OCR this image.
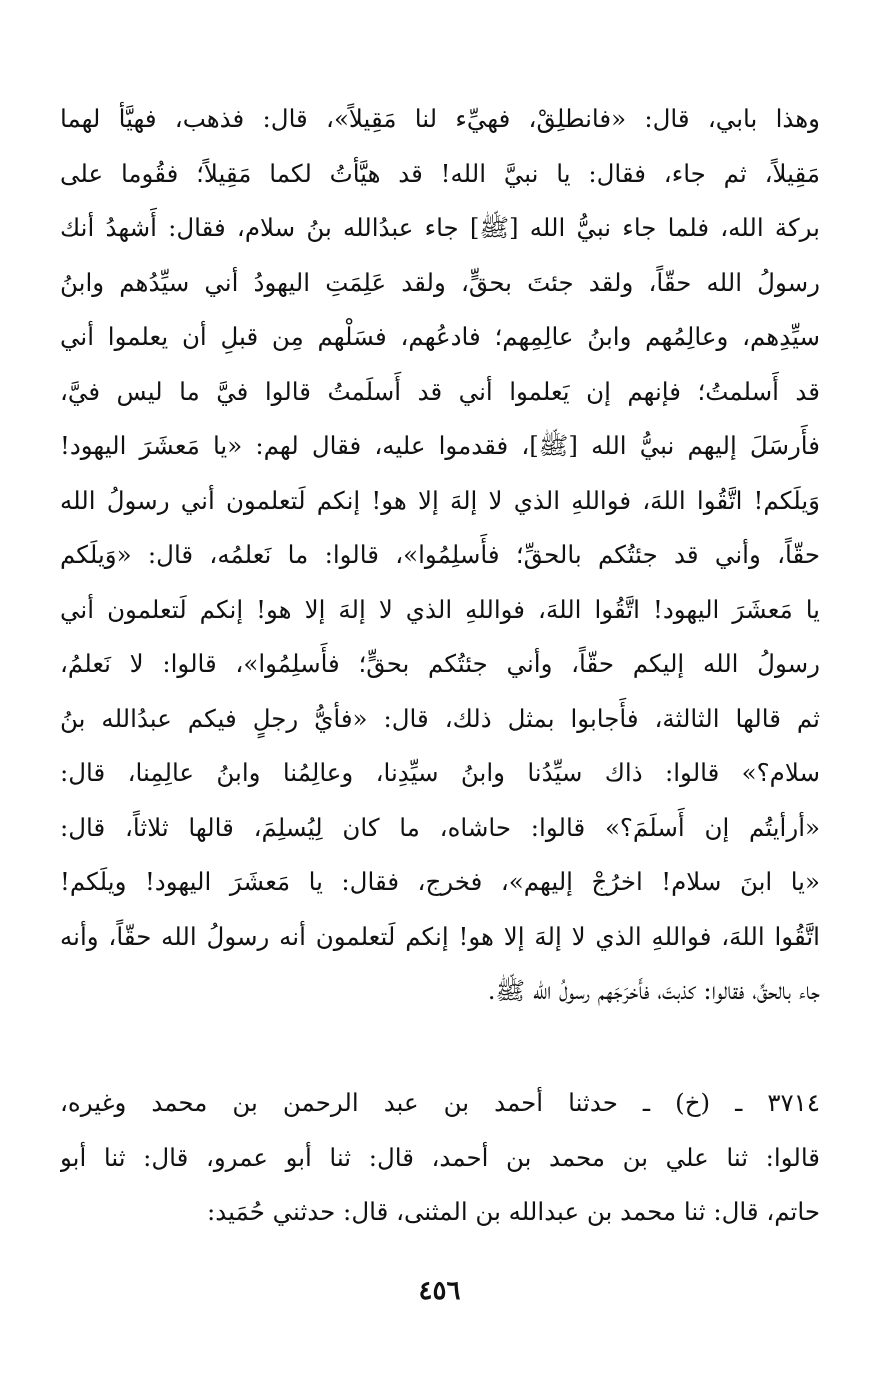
وهذا بابي، قال: «فانطلِقْ، فهيِّء لنا مَقِيلاً»، قال: فذهب، فهيَّأ لهما
مَقِيلاً، ثم جاء، فقال: يا نبيَّ الله! قد هيَّأتُ لكما مَقِيلاً؛ فقُوما على
بركة الله، فلما جاء نبيُّ الله [ﷺ] جاء عبدُالله بنُ سلام، فقال: أَشهدُ أنك
رسولُ الله حقّاً، ولقد جئتَ بحقٍّ، ولقد عَلِمَتِ اليهودُ أني سيِّدُهم وابنُ
سيِّدِهم، وعالِمُهم وابنُ عالِمِهم؛ فادعُهم، فسَلْهم مِن قبلِ أن يعلموا أني
قد أَسلمتُ؛ فإنهم إن يَعلموا أني قد أَسلَمتُ قالوا فيَّ ما ليس فيَّ،
فأَرسَلَ إليهم نبيُّ الله [ﷺ]، فقدموا عليه، فقال لهم: «يا مَعشَرَ اليهود!
وَيلَكم! اتَّقُوا اللهَ، فواللهِ الذي لا إلهَ إلا هو! إنكم لَتعلمون أني رسولُ الله
حقّاً، وأني قد جئتُكم بالحقِّ؛ فأَسلِمُوا»، قالوا: ما نَعلمُه، قال: «وَيلَكم
يا مَعشَرَ اليهود! اتَّقُوا اللهَ، فواللهِ الذي لا إلهَ إلا هو! إنكم لَتعلمون أني
رسولُ الله إليكم حقّاً، وأني جئتُكم بحقٍّ؛ فأَسلِمُوا»، قالوا: لا نَعلمُ،
ثم قالها الثالثة، فأَجابوا بمثل ذلك، قال: «فأيُّ رجلٍ فيكم عبدُالله بنُ
سلام؟» قالوا: ذاك سيِّدُنا وابنُ سيِّدِنا، وعالِمُنا وابنُ عالِمِنا، قال:
«أرأيتُم إن أَسلَمَ؟» قالوا: حاشاه، ما كان لِيُسلِمَ، قالها ثلاثاً، قال:
«يا ابنَ سلام! اخرُجْ إليهم»، فخرج، فقال: يا مَعشَرَ اليهود! ويلَكم!
اتَّقُوا اللهَ، فواللهِ الذي لا إلهَ إلا هو! إنكم لَتعلمون أنه رسولُ الله حقّاً، وأنه
جاء بالحقِّ، فقالوا: كذبتَ، فأَخرَجَهم رسولُ الله ﷺ.
٣٧١٤ ـ (خ) ـ حدثنا أحمد بن عبد الرحمن بن محمد وغيره،
قالوا: ثنا علي بن محمد بن أحمد، قال: ثنا أبو عمرو، قال: ثنا أبو
حاتم، قال: ثنا محمد بن عبدالله بن المثنى، قال: حدثني حُمَيد:
٤٥٦
